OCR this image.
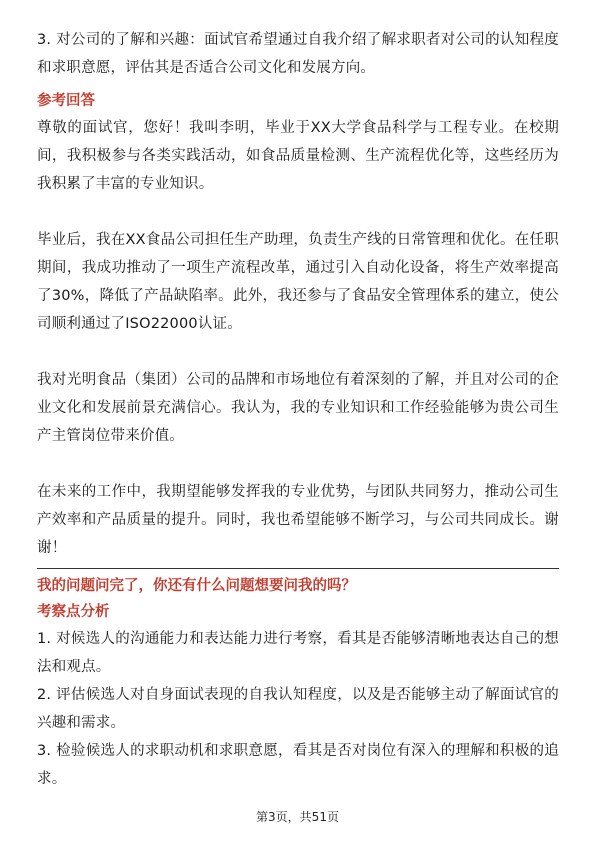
3. 对公司的了解和兴趣：面试官希望通过自我介绍了解求职者对公司的认知程度和求职意愿，评估其是否适合公司文化和发展方向。

参考回答

尊敬的面试官，您好！我叫李明，毕业于XX大学食品科学与工程专业。在校期间，我积极参与各类实践活动，如食品质量检测、生产流程优化等，这些经历为我积累了丰富的专业知识。

毕业后，我在XX食品公司担任生产助理，负责生产线的日常管理和优化。在任职期间，我成功推动了一项生产流程改革，通过引入自动化设备，将生产效率提高了30%，降低了产品缺陷率。此外，我还参与了食品安全管理体系的建立，使公司顺利通过了ISO22000认证。

我对光明食品（集团）公司的品牌和市场地位有着深刻的了解，并且对公司的企业文化和发展前景充满信心。我认为，我的专业知识和工作经验能够为贵公司生产主管岗位带来价值。

在未来的工作中，我期望能够发挥我的专业优势，与团队共同努力，推动公司生产效率和产品质量的提升。同时，我也希望能够不断学习，与公司共同成长。谢谢！

我的问题问完了，你还有什么问题想要问我的吗？

考察点分析

1. 对候选人的沟通能力和表达能力进行考察，看其是否能够清晰地表达自己的想法和观点。

2. 评估候选人对自身面试表现的自我认知程度，以及是否能够主动了解面试官的兴趣和需求。

3. 检验候选人的求职动机和求职意愿，看其是否对岗位有深入的理解和积极的追求。

第3页，共51页
